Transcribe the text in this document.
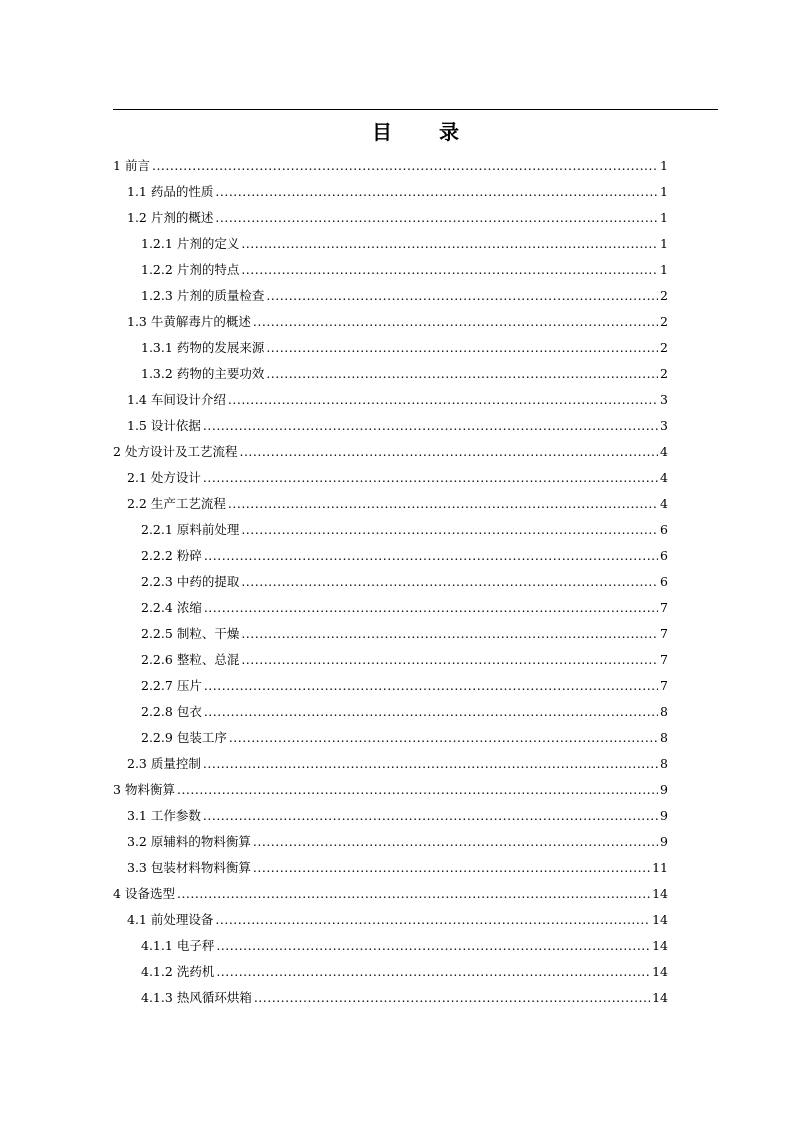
目 录
1 前言 .....	1
1.1 药品的性质 .....	1
1.2 片剂的概述 .....	1
1.2.1 片剂的定义 .....	1
1.2.2 片剂的特点 .....	1
1.2.3 片剂的质量检查 .....	2
1.3 牛黄解毒片的概述 .....	2
1.3.1 药物的发展来源 .....	2
1.3.2 药物的主要功效 .....	2
1.4 车间设计介绍 .....	3
1.5 设计依据 .....	3
2 处方设计及工艺流程 .....	4
2.1 处方设计 .....	4
2.2 生产工艺流程 .....	4
2.2.1 原料前处理 .....	6
2.2.2 粉碎 .....	6
2.2.3 中药的提取 .....	6
2.2.4 浓缩 .....	7
2.2.5 制粒、干燥 .....	7
2.2.6 整粒、总混 .....	7
2.2.7 压片 .....	7
2.2.8 包衣 .....	8
2.2.9 包装工序 .....	8
2.3 质量控制 .....	8
3 物料衡算 .....	9
3.1 工作参数 .....	9
3.2 原辅料的物料衡算 .....	9
3.3 包装材料物料衡算 .....	11
4 设备选型 .....	14
4.1 前处理设备 .....	14
4.1.1 电子秤 .....	14
4.1.2 洗药机 .....	14
4.1.3 热风循环烘箱 .....	14
